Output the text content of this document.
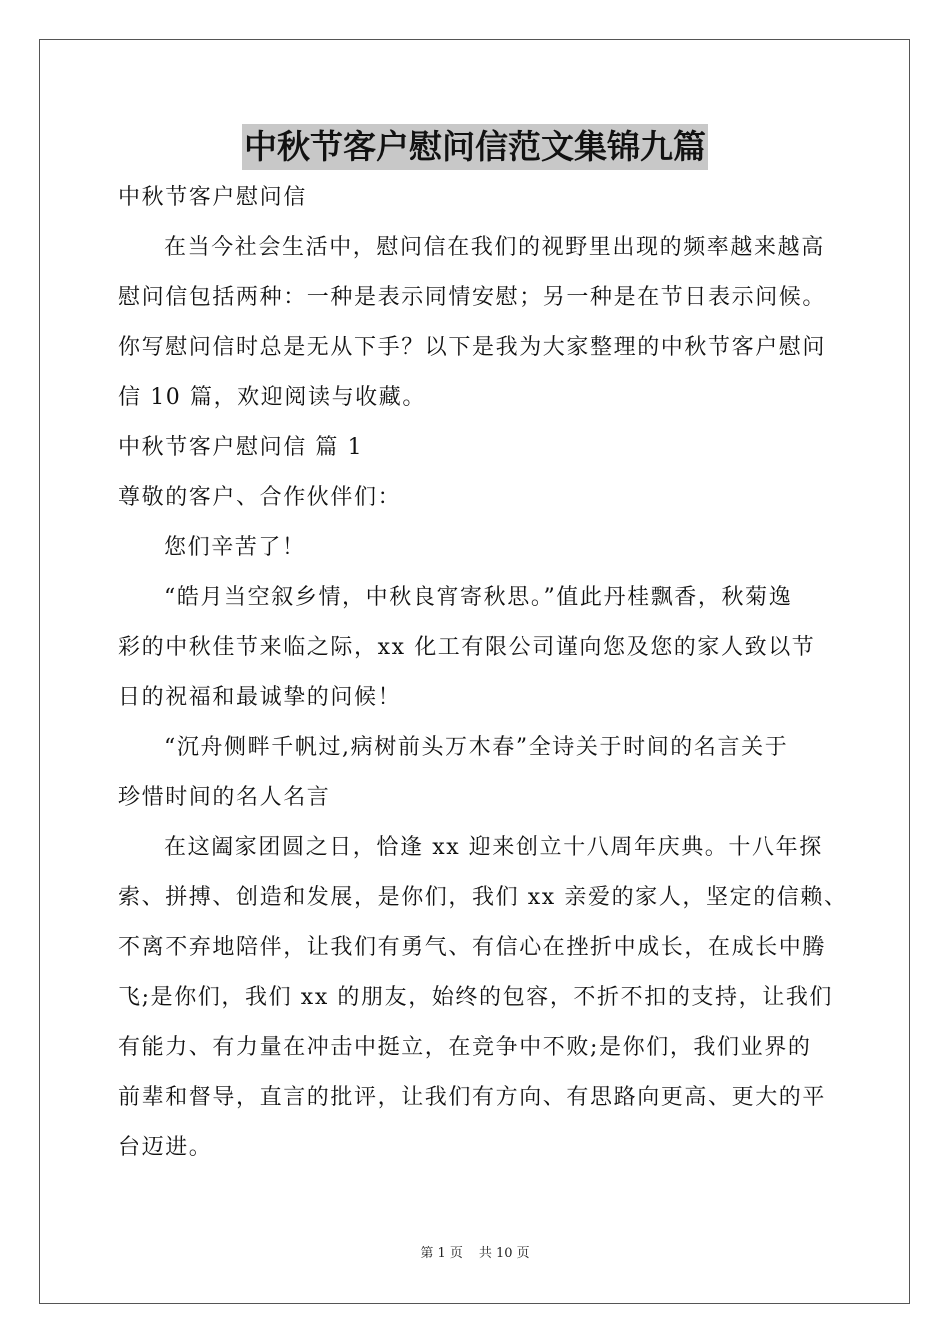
中秋节客户慰问信范文集锦九篇
中秋节客户慰问信
在当今社会生活中，慰问信在我们的视野里出现的频率越来越高
慰问信包括两种：一种是表示同情安慰；另一种是在节日表示问候。
你写慰问信时总是无从下手？以下是我为大家整理的中秋节客户慰问
信 10 篇，欢迎阅读与收藏。
中秋节客户慰问信 篇 1
尊敬的客户、合作伙伴们：
您们辛苦了！
“皓月当空叙乡情，中秋良宵寄秋思。”值此丹桂飘香，秋菊逸
彩的中秋佳节来临之际，xx 化工有限公司谨向您及您的家人致以节
日的祝福和最诚挚的问候！
“沉舟侧畔千帆过,病树前头万木春”全诗关于时间的名言关于
珍惜时间的名人名言
在这阖家团圆之日，恰逢 xx 迎来创立十八周年庆典。十八年探
索、拼搏、创造和发展，是你们，我们 xx 亲爱的家人，坚定的信赖、
不离不弃地陪伴，让我们有勇气、有信心在挫折中成长，在成长中腾
飞;是你们，我们 xx 的朋友，始终的包容，不折不扣的支持，让我们
有能力、有力量在冲击中挺立，在竞争中不败;是你们，我们业界的
前辈和督导，直言的批评，让我们有方向、有思路向更高、更大的平
台迈进。
第 1 页 共 10 页
